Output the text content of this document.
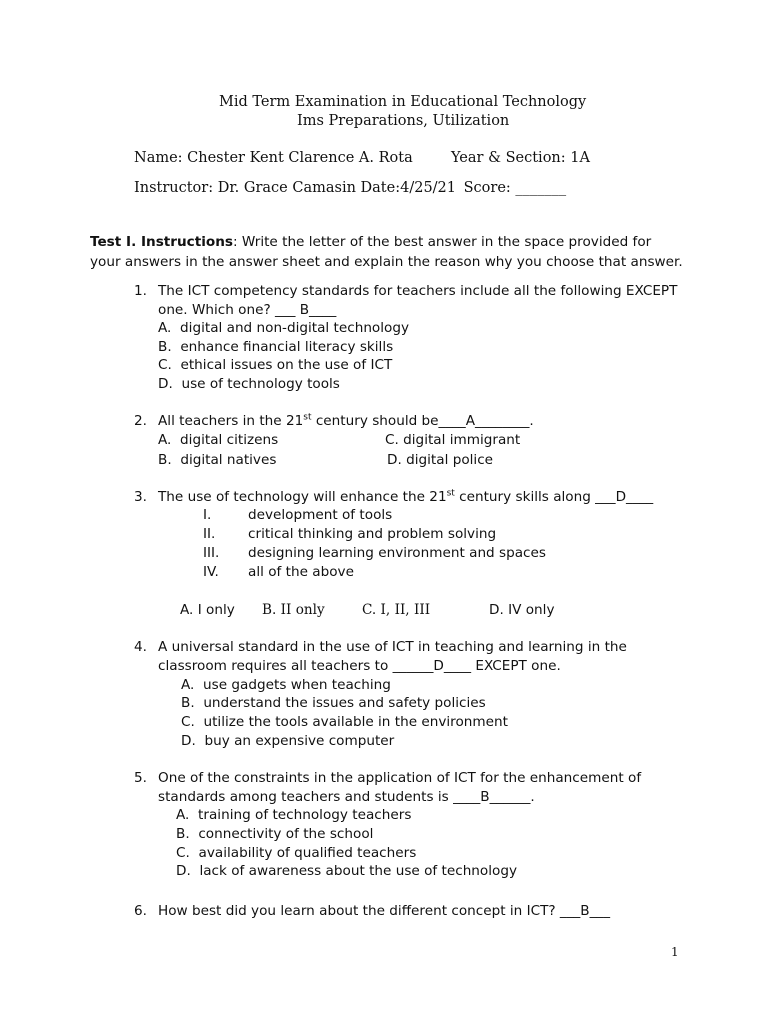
Mid Term Examination in Educational Technology
Ims Preparations, Utilization
Name: Chester Kent Clarence A. Rota	Year & Section: 1A
Instructor: Dr. Grace Camasin Date:4/25/21 Score: _______
Test I. Instructions: Write the letter of the best answer in the space provided for
your answers in the answer sheet and explain the reason why you choose that answer.
1. The ICT competency standards for teachers include all the following EXCEPT
one. Which one? ___ B____
A. digital and non-digital technology
B. enhance financial literacy skills
C. ethical issues on the use of ICT
D. use of technology tools
2. All teachers in the 21st century should be____A________.
A. digital citizens	C. digital immigrant
B. digital natives	D. digital police
3. The use of technology will enhance the 21st century skills along ___D____
I.	development of tools
II. critical thinking and problem solving
III. designing learning environment and spaces
IV. all of the above
A. I only B. II only	C. I, II, III	D. IV only
4. A universal standard in the use of ICT in teaching and learning in the
classroom requires all teachers to ______D____ EXCEPT one.
A. use gadgets when teaching
B. understand the issues and safety policies
C. utilize the tools available in the environment
D. buy an expensive computer
5. One of the constraints in the application of ICT for the enhancement of
standards among teachers and students is ____B______.
A. training of technology teachers
B. connectivity of the school
C. availability of qualified teachers
D. lack of awareness about the use of technology
6. How best did you learn about the different concept in ICT? ___B___
1
